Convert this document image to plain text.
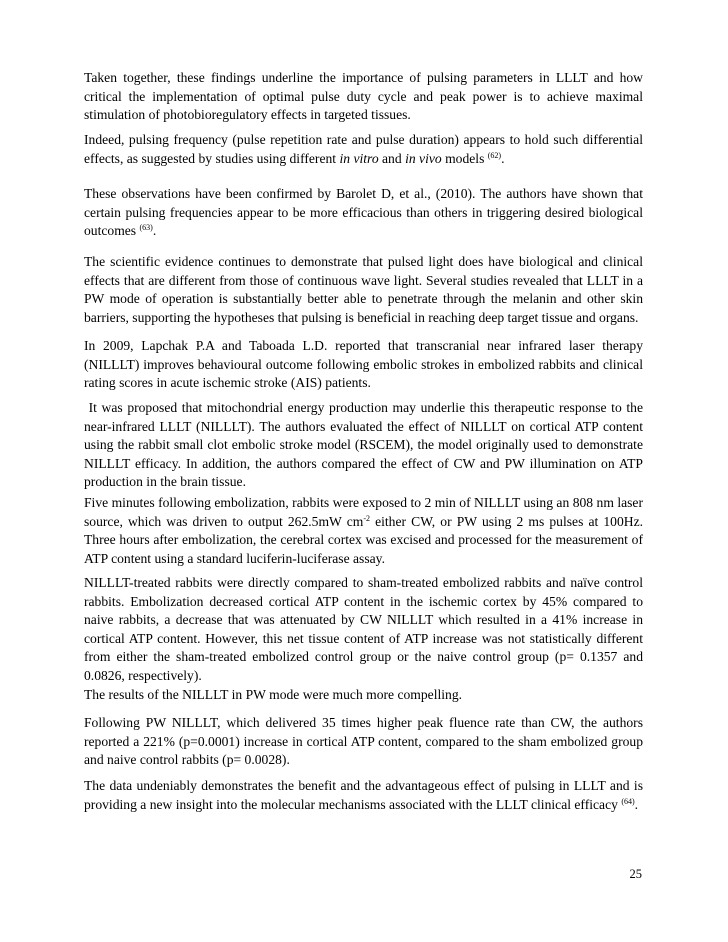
Taken together, these findings underline the importance of pulsing parameters in LLLT and how critical the implementation of optimal pulse duty cycle and peak power is to achieve maximal stimulation of photobioregulatory effects in targeted tissues.

Indeed, pulsing frequency (pulse repetition rate and pulse duration) appears to hold such differential effects, as suggested by studies using different in vitro and in vivo models $^{(62)}$.

These observations have been confirmed by Barolet D, et al., (2010). The authors have shown that certain pulsing frequencies appear to be more efficacious than others in triggering desired biological outcomes $^{(63)}$.

The scientific evidence continues to demonstrate that pulsed light does have biological and clinical effects that are different from those of continuous wave light. Several studies revealed that LLLT in a PW mode of operation is substantially better able to penetrate through the melanin and other skin barriers, supporting the hypotheses that pulsing is beneficial in reaching deep target tissue and organs.

In 2009, Lapchak P.A and Taboada L.D. reported that transcranial near infrared laser therapy (NILLLT) improves behavioural outcome following embolic strokes in embolized rabbits and clinical rating scores in acute ischemic stroke (AIS) patients.

It was proposed that mitochondrial energy production may underlie this therapeutic response to the near-infrared LLLT (NILLLT). The authors evaluated the effect of NILLLT on cortical ATP content using the rabbit small clot embolic stroke model (RSCEM), the model originally used to demonstrate NILLLT efficacy. In addition, the authors compared the effect of CW and PW illumination on ATP production in the brain tissue.

Five minutes following embolization, rabbits were exposed to 2 min of NILLLT using an 808 nm laser source, which was driven to output 262.5mW $cm^{-2}$ either CW, or PW using 2 ms pulses at 100Hz. Three hours after embolization, the cerebral cortex was excised and processed for the measurement of ATP content using a standard luciferin-luciferase assay.

NILLLT-treated rabbits were directly compared to sham-treated embolized rabbits and naïve control rabbits. Embolization decreased cortical ATP content in the ischemic cortex by 45% compared to naive rabbits, a decrease that was attenuated by CW NILLLT which resulted in a 41% increase in cortical ATP content. However, this net tissue content of ATP increase was not statistically different from either the sham-treated embolized control group or the naive control group (p= 0.1357 and 0.0826, respectively).

The results of the NILLLT in PW mode were much more compelling.

Following PW NILLLT, which delivered 35 times higher peak fluence rate than CW, the authors reported a 221% (p=0.0001) increase in cortical ATP content, compared to the sham embolized group and naive control rabbits (p= 0.0028).

The data undeniably demonstrates the benefit and the advantageous effect of pulsing in LLLT and is providing a new insight into the molecular mechanisms associated with the LLLT clinical efficacy $^{(64)}$.

25
